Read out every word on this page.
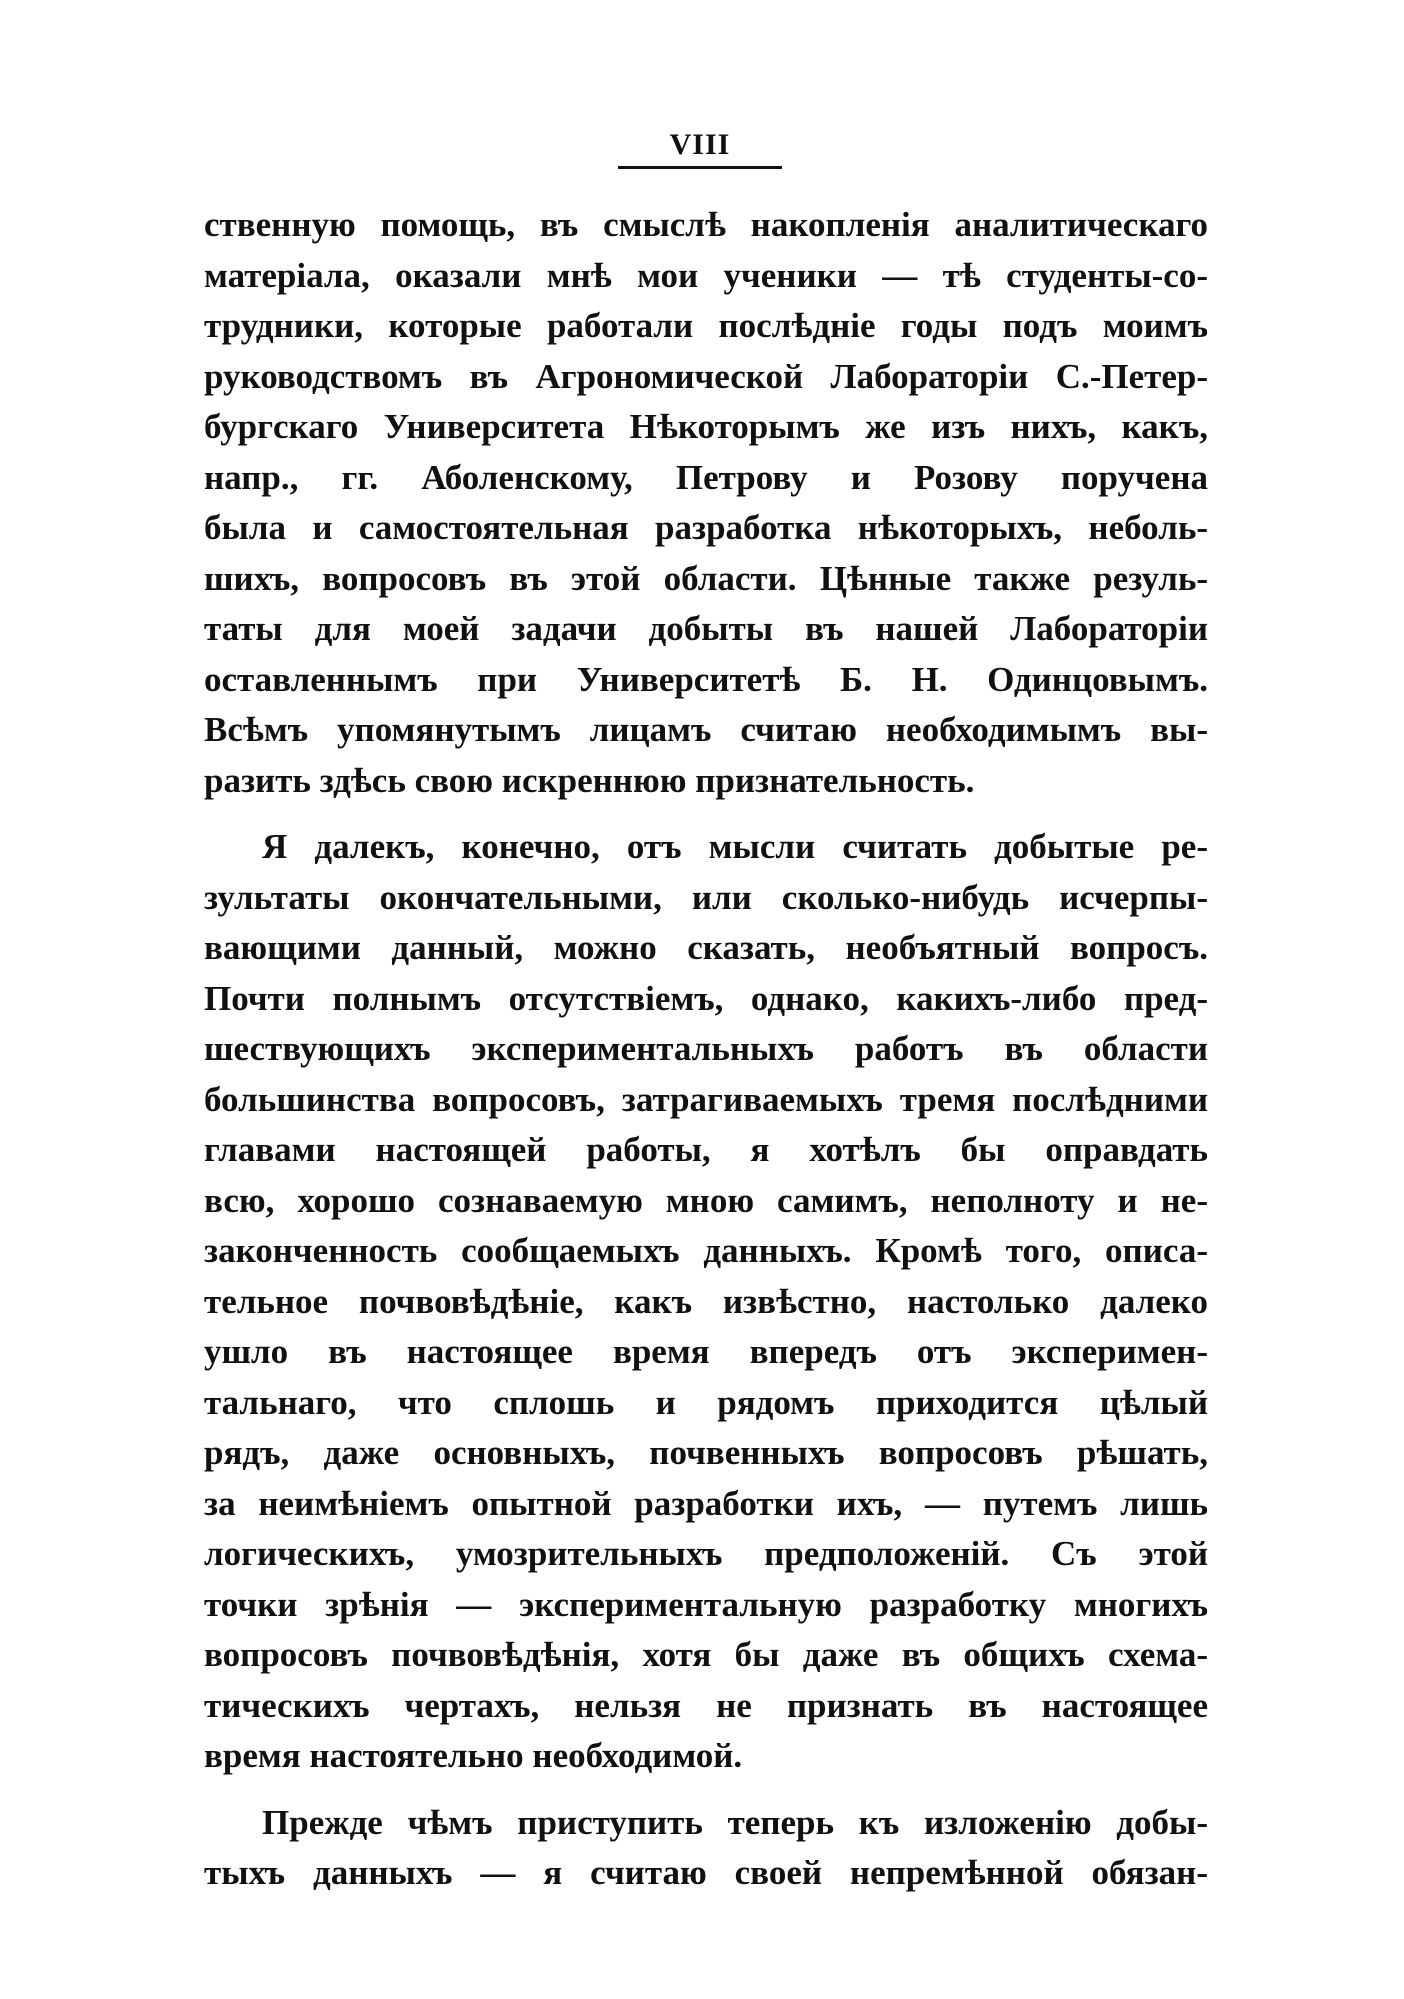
VIII
ственную помощь, въ смыслѣ накопленія аналитическаго
матеріала, оказали мнѣ мои ученики — тѣ студенты-со-
трудники, которые работали послѣдніе годы подъ моимъ
руководствомъ въ Агрономической Лабораторіи С.-Петер-
бургскаго Университета Нѣкоторымъ же изъ нихъ, какъ,
напр., гг. Аболенскому, Петрову и Розову поручена
была и самостоятельная разработка нѣкоторыхъ, неболь-
шихъ, вопросовъ въ этой области. Цѣнные также резуль-
таты для моей задачи добыты въ нашей Лабораторіи
оставленнымъ при Университетѣ Б. Н. Одинцовымъ.
Всѣмъ упомянутымъ лицамъ считаю необходимымъ вы-
разить здѣсь свою искреннюю признательность.
Я далекъ, конечно, отъ мысли считать добытые ре-
зультаты окончательными, или сколько-нибудь исчерпы-
вающими данный, можно сказать, необъятный вопросъ.
Почти полнымъ отсутствіемъ, однако, какихъ-либо пред-
шествующихъ экспериментальныхъ работъ въ области
большинства вопросовъ, затрагиваемыхъ тремя послѣдними
главами настоящей работы, я хотѣлъ бы оправдать
всю, хорошо сознаваемую мною самимъ, неполноту и не-
законченность сообщаемыхъ данныхъ. Кромѣ того, описа-
тельное почвовѣдѣніе, какъ извѣстно, настолько далеко
ушло въ настоящее время впередъ отъ эксперимен-
тальнаго, что сплошь и рядомъ приходится цѣлый
рядъ, даже основныхъ, почвенныхъ вопросовъ рѣшать,
за неимѣніемъ опытной разработки ихъ, — путемъ лишь
логическихъ, умозрительныхъ предположеній. Съ этой
точки зрѣнія — экспериментальную разработку многихъ
вопросовъ почвовѣдѣнія, хотя бы даже въ общихъ схема-
тическихъ чертахъ, нельзя не признать въ настоящее
время настоятельно необходимой.
Прежде чѣмъ приступить теперь къ изложенію добы-
тыхъ данныхъ — я считаю своей непремѣнной обязан-
